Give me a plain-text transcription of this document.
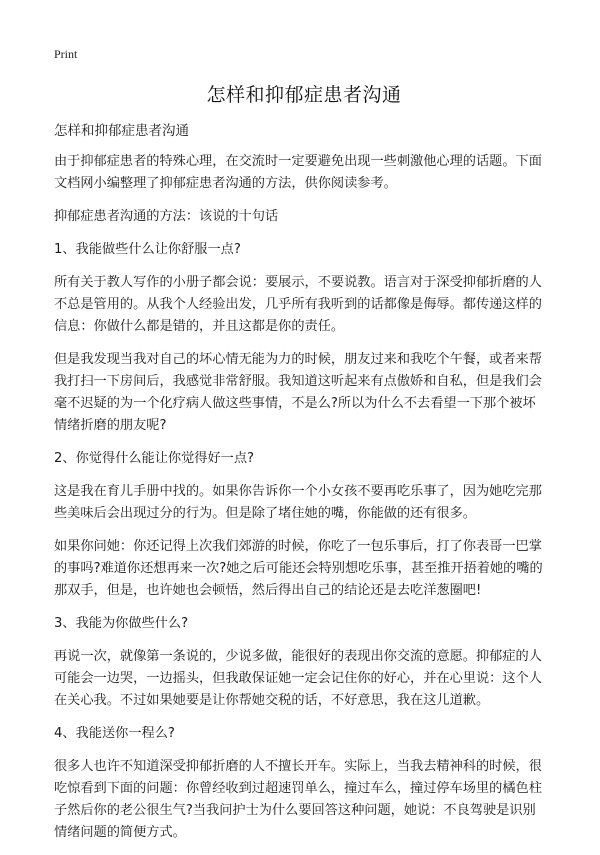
Print
怎样和抑郁症患者沟通

怎样和抑郁症患者沟通

由于抑郁症患者的特殊心理，在交流时一定要避免出现一些刺激他心理的话题。下面文档网小编整理了抑郁症患者沟通的方法，供你阅读参考。

抑郁症患者沟通的方法：该说的十句话

1、我能做些什么让你舒服一点?

所有关于教人写作的小册子都会说：要展示，不要说教。语言对于深受抑郁折磨的人不总是管用的。从我个人经验出发，几乎所有我听到的话都像是侮辱。都传递这样的信息：你做什么都是错的，并且这都是你的责任。

但是我发现当我对自己的坏心情无能为力的时候，朋友过来和我吃个午餐，或者来帮我打扫一下房间后，我感觉非常舒服。我知道这听起来有点傲娇和自私，但是我们会毫不迟疑的为一个化疗病人做这些事情，不是么?所以为什么不去看望一下那个被坏情绪折磨的朋友呢?

2、你觉得什么能让你觉得好一点?

这是我在育儿手册中找的。如果你告诉你一个小女孩不要再吃乐事了，因为她吃完那些美味后会出现过分的行为。但是除了堵住她的嘴，你能做的还有很多。

如果你问她：你还记得上次我们郊游的时候，你吃了一包乐事后，打了你表哥一巴掌的事吗?难道你还想再来一次?她之后可能还会特别想吃乐事，甚至推开捂着她的嘴的那双手，但是，也许她也会顿悟，然后得出自己的结论还是去吃洋葱圈吧!

3、我能为你做些什么?

再说一次，就像第一条说的，少说多做，能很好的表现出你交流的意愿。抑郁症的人可能会一边哭，一边摇头，但我敢保证她一定会记住你的好心，并在心里说：这个人在关心我。不过如果她要是让你帮她交税的话，不好意思，我在这儿道歉。

4、我能送你一程么?

很多人也许不知道深受抑郁折磨的人不擅长开车。实际上，当我去精神科的时候，很吃惊看到下面的问题：你曾经收到过超速罚单么，撞过车么，撞过停车场里的橘色柱子然后你的老公很生气?当我问护士为什么要回答这种问题，她说：不良驾驶是识别情绪问题的简便方式。
